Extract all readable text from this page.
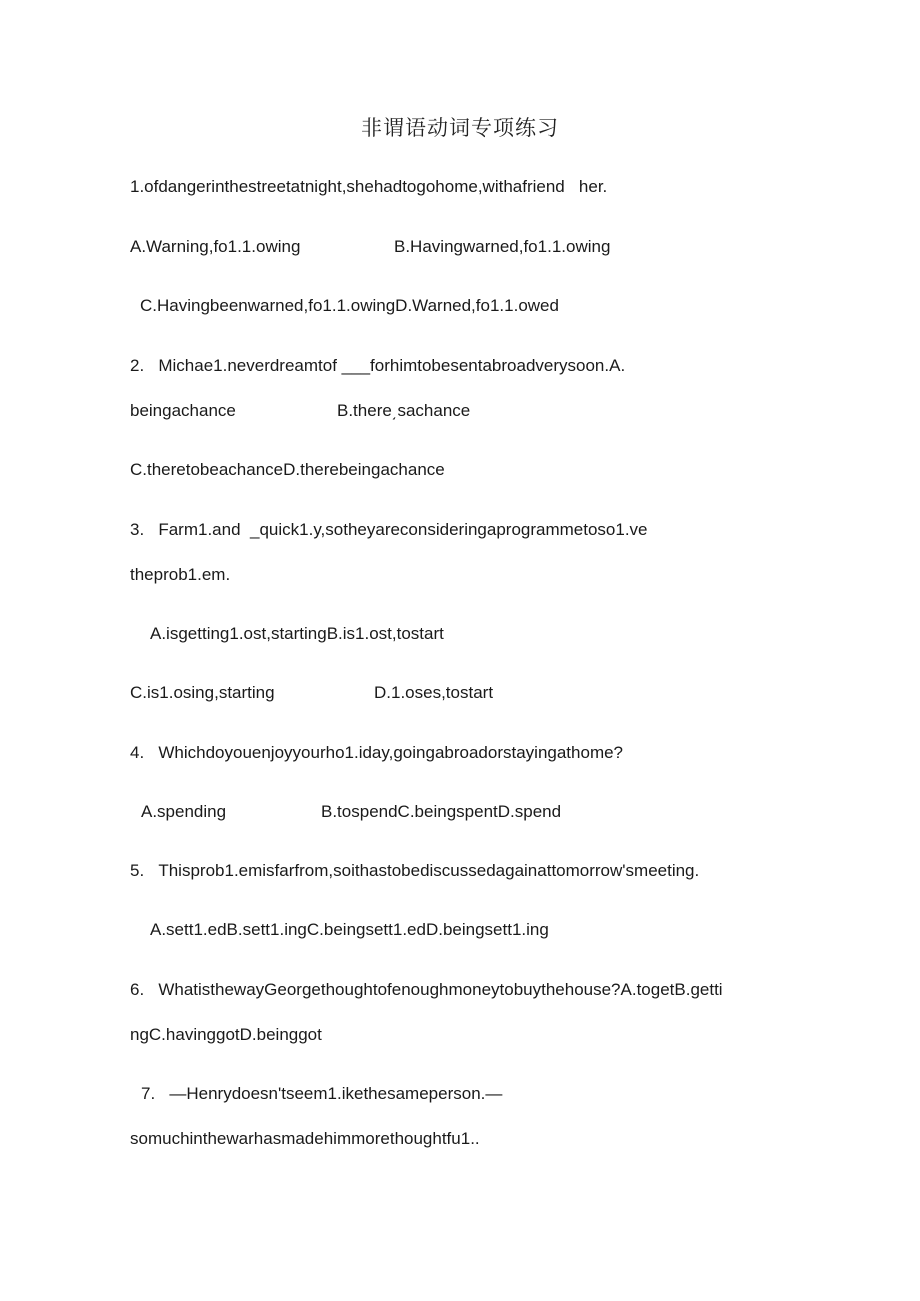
非谓语动词专项练习
1.ofdangerinthestreetatnight,shehadtogohome,withafriend   her.
A.Warning,fo1.1.owing	B.Havingwarned,fo1.1.owing
C.Havingbeenwarned,fo1.1.owingD.Warned,fo1.1.owed
2.   Michae1.neverdreamtof ___forhimtobesentabroadverysoon.A.
beingachance	B.there͵sachance
C.theretobeachanceD.therebeingachance
3.   Farm1.and  _quick1.y,sotheyareconsideringaprogrammetoso1.ve
theprob1.em.
A.isgetting1.ost,startingB.is1.ost,tostart
C.is1.osing,starting	D.1.oses,tostart
4.   Whichdoyouenjoyyourho1.iday,goingabroadorstayingathome?
A.spending	B.tospendC.beingspentD.spend
5.   Thisprob1.emisfarfrom,soithastobediscussedagainattomorrow'smeeting.
A.sett1.edB.sett1.ingC.beingsett1.edD.beingsett1.ing
6.   WhatisthewayGeorgethoughtofenoughmoneytobuythehouse?A.togetB.getti
ngC.havinggotD.beinggot
7.   —Henrydoesn'tseem1.ikethesameperson.—
somuchinthewarhasmadehimmorethoughtfu1..
